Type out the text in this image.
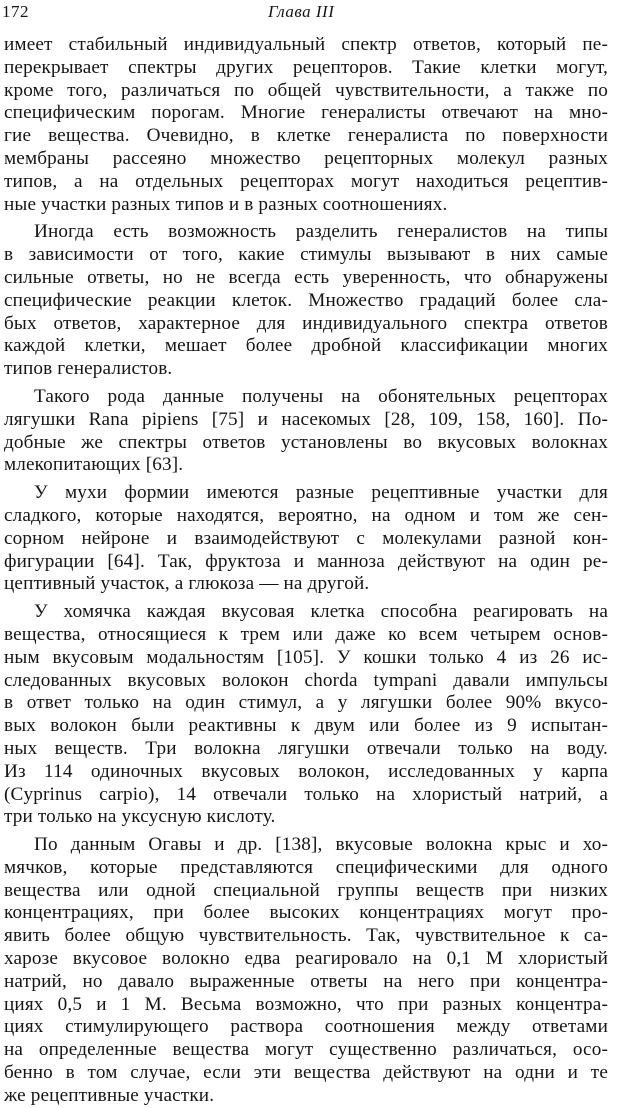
172	Глава III

имеет стабильный индивидуальный спектр ответов, который пе-

перекрывает спектры других рецепторов. Такие клетки могут,

кроме того, различаться по общей чувствительности, а также по

специфическим порогам. Многие генералисты отвечают на мно-

гие вещества. Очевидно, в клетке генералиста по поверхности

мембраны рассеяно множество рецепторных молекул разных

типов, а на отдельных рецепторах могут находиться рецептив-

ные участки разных типов и в разных соотношениях.

Иногда есть возможность разделить генералистов на типы

в зависимости от того, какие стимулы вызывают в них самые

сильные ответы, но не всегда есть уверенность, что обнаружены

специфические реакции клеток. Множество градаций более сла-

бых ответов, характерное для индивидуального спектра ответов

каждой клетки, мешает более дробной классификации многих

типов генералистов.

Такого рода данные получены на обонятельных рецепторах

лягушки Rana pipiens [75] и насекомых [28, 109, 158, 160]. По-

добные же спектры ответов установлены во вкусовых волокнах

млекопитающих [63].

У мухи формии имеются разные рецептивные участки для

сладкого, которые находятся, вероятно, на одном и том же сен-

сорном нейроне и взаимодействуют с молекулами разной кон-

фигурации [64]. Так, фруктоза и манноза действуют на один ре-

цептивный участок, а глюкоза — на другой.

У хомячка каждая вкусовая клетка способна реагировать на

вещества, относящиеся к трем или даже ко всем четырем основ-

ным вкусовым модальностям [105]. У кошки только 4 из 26 ис-

следованных вкусовых волокон chorda tympani давали импульсы

в ответ только на один стимул, а у лягушки более 90% вкусо-

вых волокон были реактивны к двум или более из 9 испытан-

ных веществ. Три волокна лягушки отвечали только на воду.

Из 114 одиночных вкусовых волокон, исследованных у карпа

(Cyprinus carpio), 14 отвечали только на хлористый натрий, а

три только на уксусную кислоту.

По данным Огавы и др. [138], вкусовые волокна крыс и хо-

мячков, которые представляются специфическими для одного

вещества или одной специальной группы веществ при низких

концентрациях, при более высоких концентрациях могут про-

явить более общую чувствительность. Так, чувствительное к са-

харозе вкусовое волокно едва реагировало на 0,1 М хлористый

натрий, но давало выраженные ответы на него при концентра-

циях 0,5 и 1 М. Весьма возможно, что при разных концентра-

циях стимулирующего раствора соотношения между ответами

на определенные вещества могут существенно различаться, осо-

бенно в том случае, если эти вещества действуют на одни и те

же рецептивные участки.
